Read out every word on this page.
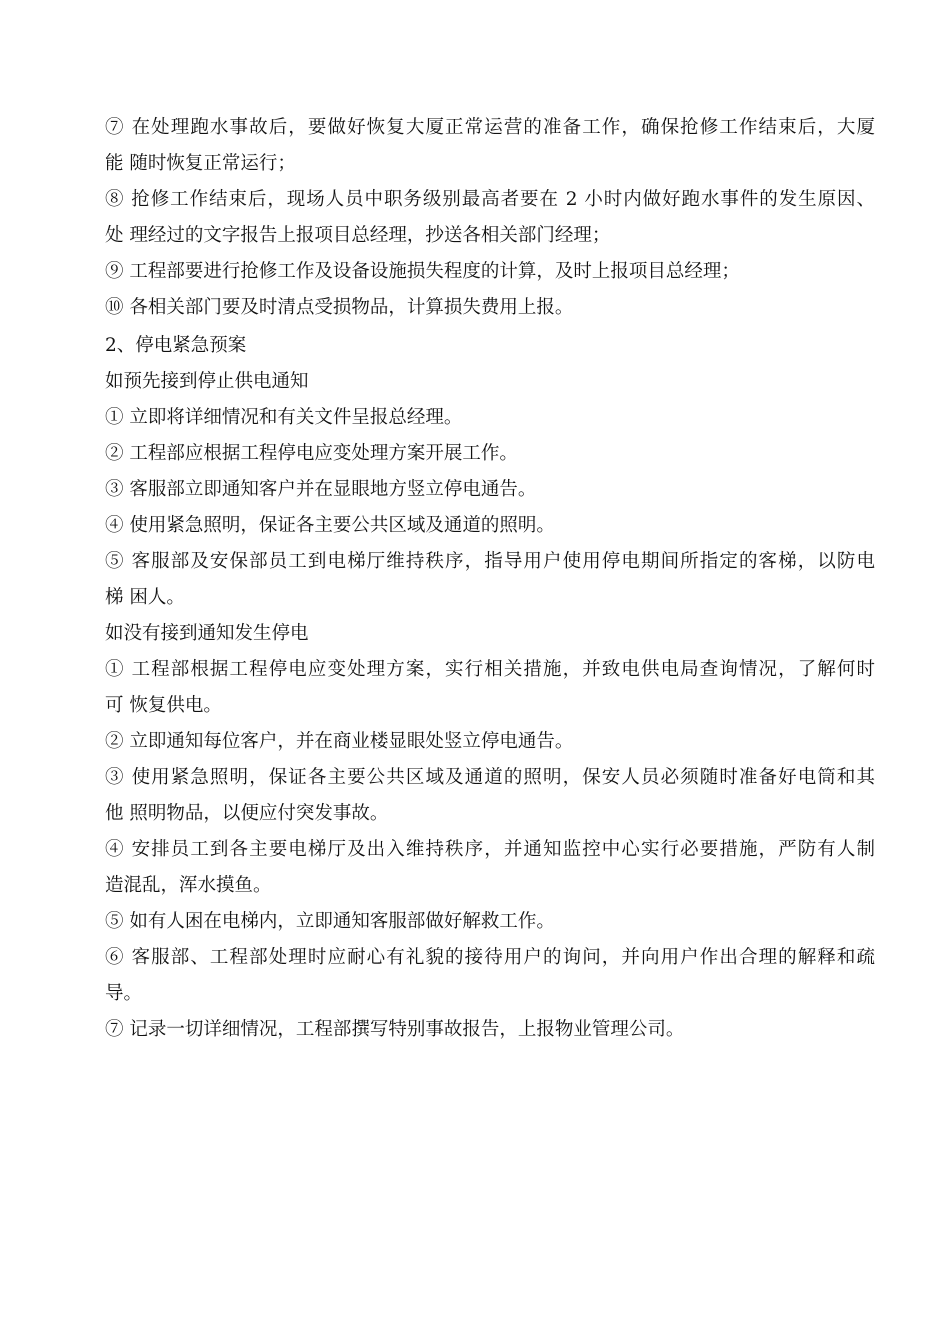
⑦ 在处理跑水事故后，要做好恢复大厦正常运营的准备工作，确保抢修工作结束后，大厦
能 随时恢复正常运行；
⑧ 抢修工作结束后，现场人员中职务级别最高者要在 2 小时内做好跑水事件的发生原因、
处 理经过的文字报告上报项目总经理，抄送各相关部门经理；
⑨ 工程部要进行抢修工作及设备设施损失程度的计算，及时上报项目总经理；
⑩ 各相关部门要及时清点受损物品，计算损失费用上报。
2、停电紧急预案
如预先接到停止供电通知
① 立即将详细情况和有关文件呈报总经理。
② 工程部应根据工程停电应变处理方案开展工作。
③ 客服部立即通知客户并在显眼地方竖立停电通告。
④ 使用紧急照明，保证各主要公共区域及通道的照明。
⑤ 客服部及安保部员工到电梯厅维持秩序，指导用户使用停电期间所指定的客梯，以防电
梯 困人。
如没有接到通知发生停电
① 工程部根据工程停电应变处理方案，实行相关措施，并致电供电局查询情况，了解何时
可 恢复供电。
② 立即通知每位客户，并在商业楼显眼处竖立停电通告。
③ 使用紧急照明，保证各主要公共区域及通道的照明，保安人员必须随时准备好电筒和其
他 照明物品，以便应付突发事故。
④ 安排员工到各主要电梯厅及出入维持秩序，并通知监控中心实行必要措施，严防有人制
造混乱，浑水摸鱼。
⑤ 如有人困在电梯内，立即通知客服部做好解救工作。
⑥ 客服部、工程部处理时应耐心有礼貌的接待用户的询问，并向用户作出合理的解释和疏
导。
⑦ 记录一切详细情况，工程部撰写特别事故报告，上报物业管理公司。
